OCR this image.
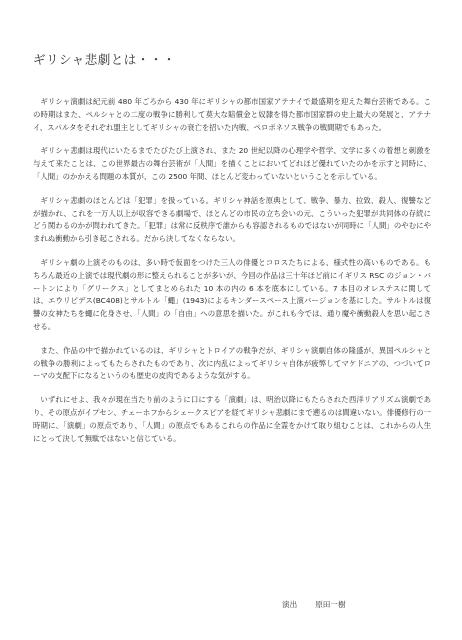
ギリシャ悲劇とは・・・

ギリシャ演劇は紀元前 480 年ごろから 430 年にギリシャの都市国家アテナイで最盛期を迎えた舞台芸術である。この時期はまた、ペルシャとの二度の戦争に勝利して莫大な賠償金と奴隷を得た都市国家群の史上最大の発展と、アテナイ、スパルタをそれぞれ盟主としてギリシャの衰亡を招いた内戦、ペロポネソス戦争の戦間期でもあった。

ギリシャ悲劇は現代にいたるまでたびたび上演され、また 20 世紀以降の心理学や哲学、文学に多くの着想と刺激を与えて来たことは、この世界最古の舞台芸術が「人間」を描くことにおいてどれほど優れていたのかを示すと同時に、「人間」のかかえる問題の本質が、この 2500 年間、ほとんど変わっていないということを示している。

ギリシャ悲劇のほとんどは「犯罪」を扱っている。ギリシャ神話を原典として、戦争、暴力、拉致、殺人、復讐などが描かれ、これを一万人以上が収容できる劇場で、ほとんどの市民の立ち会いの元、こういった犯罪が共同体の存続にどう関わるのかが問われてきた。「犯罪」は常に反秩序で誰からも容認されるものではないが同時に「人間」のやむにやまれぬ衝動から引き起こされる。だから決してなくならない。

ギリシャ劇の上演そのものは、多い時で仮面をつけた三人の俳優とコロスたちによる、様式性の高いものである。もちろん最近の上演では現代劇の形に整えられることが多いが、今回の作品は三十年ほど前にイギリス RSC のジョン・バートンにより「グリークス」としてまとめられた 10 本の内の 6 本を底本にしている。7 本目のオレステスに関しては、エウリピデス(BC408)とサルトル「蠅」(1943)によるキンダースペース上演バージョンを基にした。サルトルは復讐の女神たちを蠅に化身させ、「人間」の「自由」への意思を描いた。がこれも今では、通り魔や衝動殺人を思い起こさせる。

また、作品の中で描かれているのは、ギリシャとトロイアの戦争だが、ギリシャ演劇自体の隆盛が、異国ペルシャとの戦争の勝利によってもたらされたものであり、次に内乱によってギリシャ自体が疲弊してマケドニアの、つづいてローマの支配下になるというのも歴史の皮肉であるような気がする。

いずれにせよ、我々が現在当たり前のように口にする「演劇」は、明治以降にもたらされた西洋リアリズム演劇であり、その原点がイプセン、チェーホフからシェークスピアを経てギリシャ悲劇にまで遡るのは間違いない。俳優修行の一時期に、「演劇」の原点であり、「人間」の原点でもあるこれらの作品に全霊をかけて取り組むことは、これからの人生にとって決して無駄ではないと信じている。

演出 原田一樹
